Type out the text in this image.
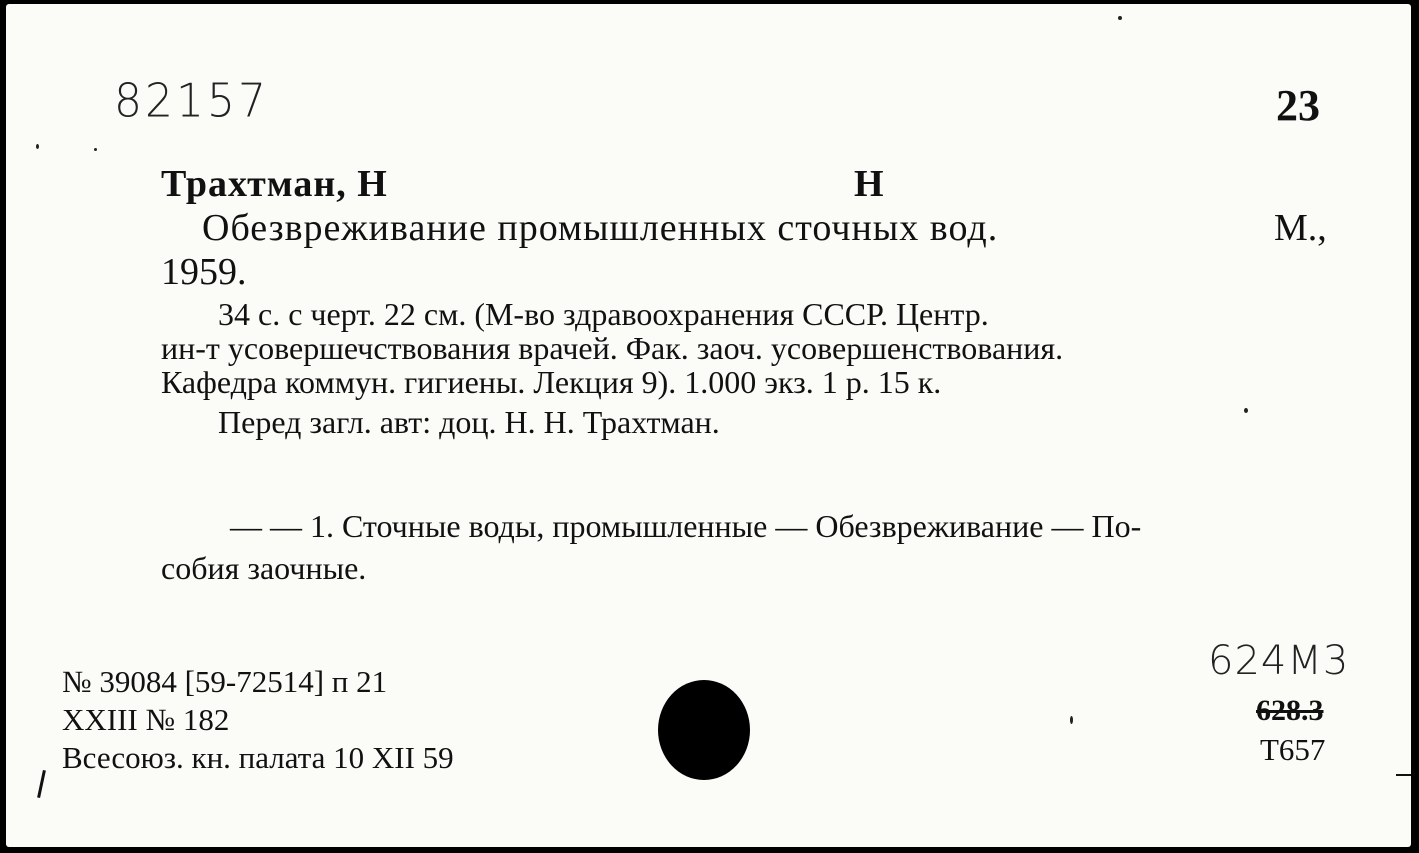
82157	23
Трахтман, Н	Н
Обезвреживание промышленных сточных вод.	М.,
1959.
34 с. с черт. 22 см. (М-во здравоохранения СССР. Центр.
ин-т усовершечствования врачей. Фак. заоч. усовершенствования.
Кафедра коммун. гигиены. Лекция 9). 1.000 экз. 1 р. 15 к.
Перед загл. авт: доц. Н. Н. Трахтман.
— — 1. Сточные воды, промышленные — Обезвреживание — По-
собия заочные.
№ 39084 [59-72514] п 21
XXIII № 182
Всесоюз. кн. палата 10 XII 59
624М3
628.3
Т657
